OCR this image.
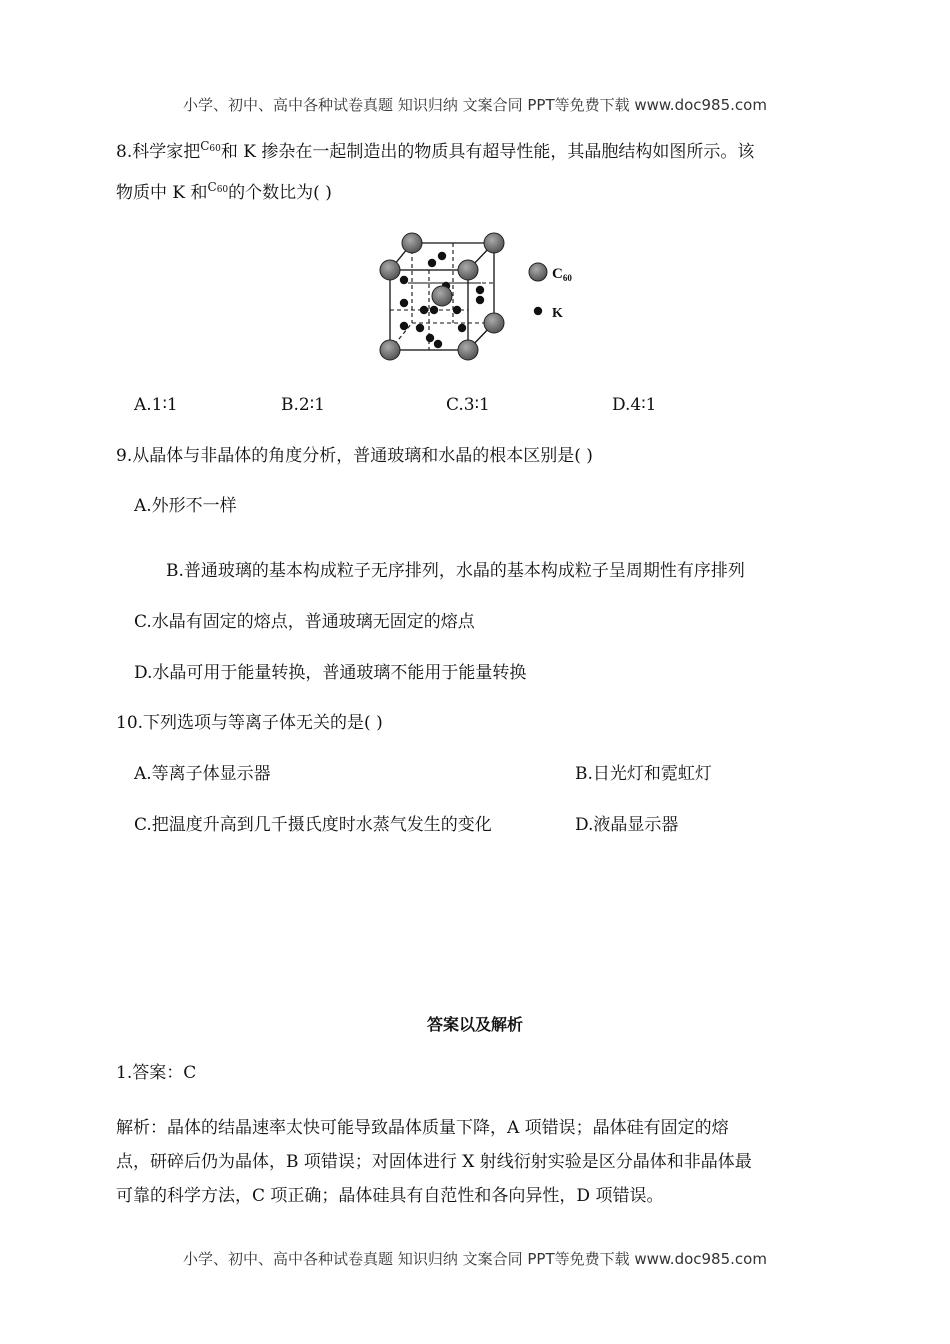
小学、初中、高中各种试卷真题 知识归纳 文案合同 PPT等免费下载 www.doc985.com
8.科学家把$^{C_{60}}$和 K 掺杂在一起制造出的物质具有超导性能，其晶胞结构如图所示。该
物质中 K 和$^{C_{60}}$的个数比为( )
$C_{60}$
K
A.1∶1	B.2∶1	C.3∶1	D.4∶1
9.从晶体与非晶体的角度分析，普通玻璃和水晶的根本区别是( )
A.外形不一样
B.普通玻璃的基本构成粒子无序排列，水晶的基本构成粒子呈周期性有序排列
C.水晶有固定的熔点，普通玻璃无固定的熔点
D.水晶可用于能量转换，普通玻璃不能用于能量转换
10.下列选项与等离子体无关的是( )
A.等离子体显示器	B.日光灯和霓虹灯
C.把温度升高到几千摄氏度时水蒸气发生的变化	D.液晶显示器
答案以及解析
1.答案：C
解析：晶体的结晶速率太快可能导致晶体质量下降，A 项错误；晶体硅有固定的熔
点，研碎后仍为晶体，B 项错误；对固体进行 X 射线衍射实验是区分晶体和非晶体最
可靠的科学方法，C 项正确；晶体硅具有自范性和各向异性，D 项错误。
小学、初中、高中各种试卷真题 知识归纳 文案合同 PPT等免费下载 www.doc985.com
